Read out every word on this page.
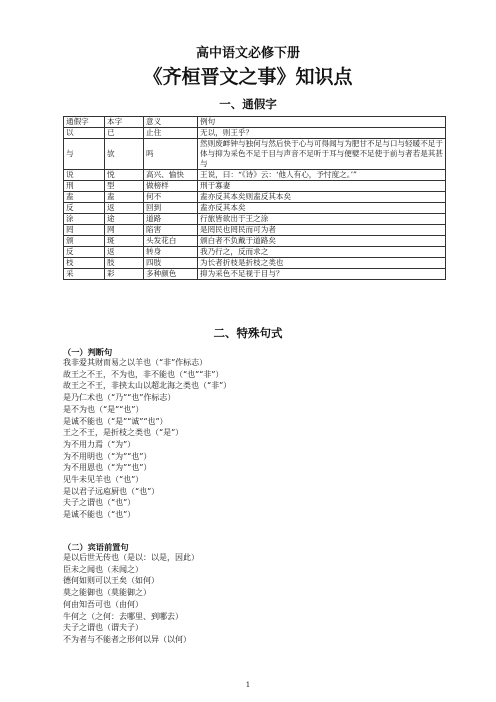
高中语文必修下册
《齐桓晋文之事》知识点
一、通假字
通假字	本字	意义	例句
以	已	止住	无以，则王乎？
与	欤	吗	然则废衅钟与独何与然后快于心与可得闻与为肥甘不足与口与轻暖不足于体与抑为采色不足于目与声音不足听于耳与便嬖不足使于前与者若是其甚与
说	悦	高兴、愉快	王说，曰：“《诗》云：‘他人有心，予忖度之。’”
刑	型	做榜样	刑于寡妻
盍	盍	何不	盍亦反其本矣则盍反其本矣
反	返	回到	盍亦反其本矣
涂	途	道路	行旅皆欲出于王之涂
罔	网	陷害	是罔民也罔民而可为者
颁	斑	头发花白	颁白者不负戴于道路矣
反	返	转身	我乃行之，反而求之
枝	肢	四肢	为长者折枝是折枝之类也
采	彩	多种颜色	抑为采色不足视于目与？
二、特殊句式
（一）判断句
我非爱其财而易之以羊也（“非”作标志）
故王之不王，不为也，非不能也（“也”“非”）
故王之不王，非挟太山以超北海之类也（“非”）
是乃仁术也（“乃”“也”作标志）
是不为也（“是”“也”）
是诚不能也（“是”“诚”“也”）
王之不王，是折枝之类也（“是”）
为不用力焉（“为”）
为不用明也（“为”“也”）
为不用恩也（“为”“也”）
见牛未见羊也（“也”）
是以君子远庖厨也（“也”）
夫子之谓也（“也”）
是诚不能也（“也”）
（二）宾语前置句
是以后世无传也（是以：以是，因此）
臣未之闻也（未闻之）
德何如则可以王矣（如何）
莫之能御也（莫能御之）
何由知吾可也（由何）
牛何之（之何：去哪里、到哪去）
夫子之谓也（谓夫子）
不为者与不能者之形何以异（以何）
1
